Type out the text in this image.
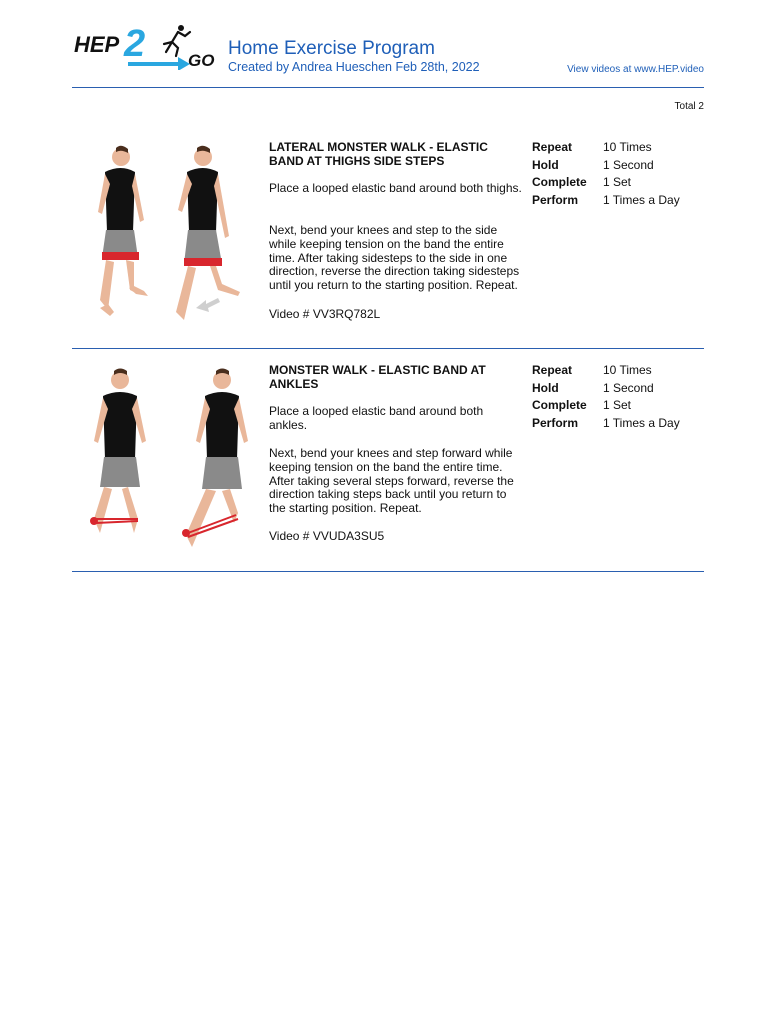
HEP 2	GO
Home Exercise Program
Created by Andrea Hueschen Feb 28th, 2022	View videos at www.HEP.video
Total 2
LATERAL MONSTER WALK - ELASTIC BAND AT THIGHS SIDE STEPS
Place a looped elastic band around both thighs.
Next, bend your knees and step to the side while keeping tension on the band the entire time. After taking sidesteps to the side in one direction, reverse the direction taking sidesteps until you return to the starting position. Repeat.
Video # VV3RQ782L
Repeat	10 Times
Hold	1 Second
Complete 1 Set
Perform 1 Times a Day
MONSTER WALK - ELASTIC BAND AT ANKLES
Place a looped elastic band around both ankles.
Next, bend your knees and step forward while keeping tension on the band the entire time. After taking several steps forward, reverse the direction taking steps back until you return to the starting position. Repeat.
Video # VVUDA3SU5
Repeat	10 Times
Hold	1 Second
Complete 1 Set
Perform 1 Times a Day
